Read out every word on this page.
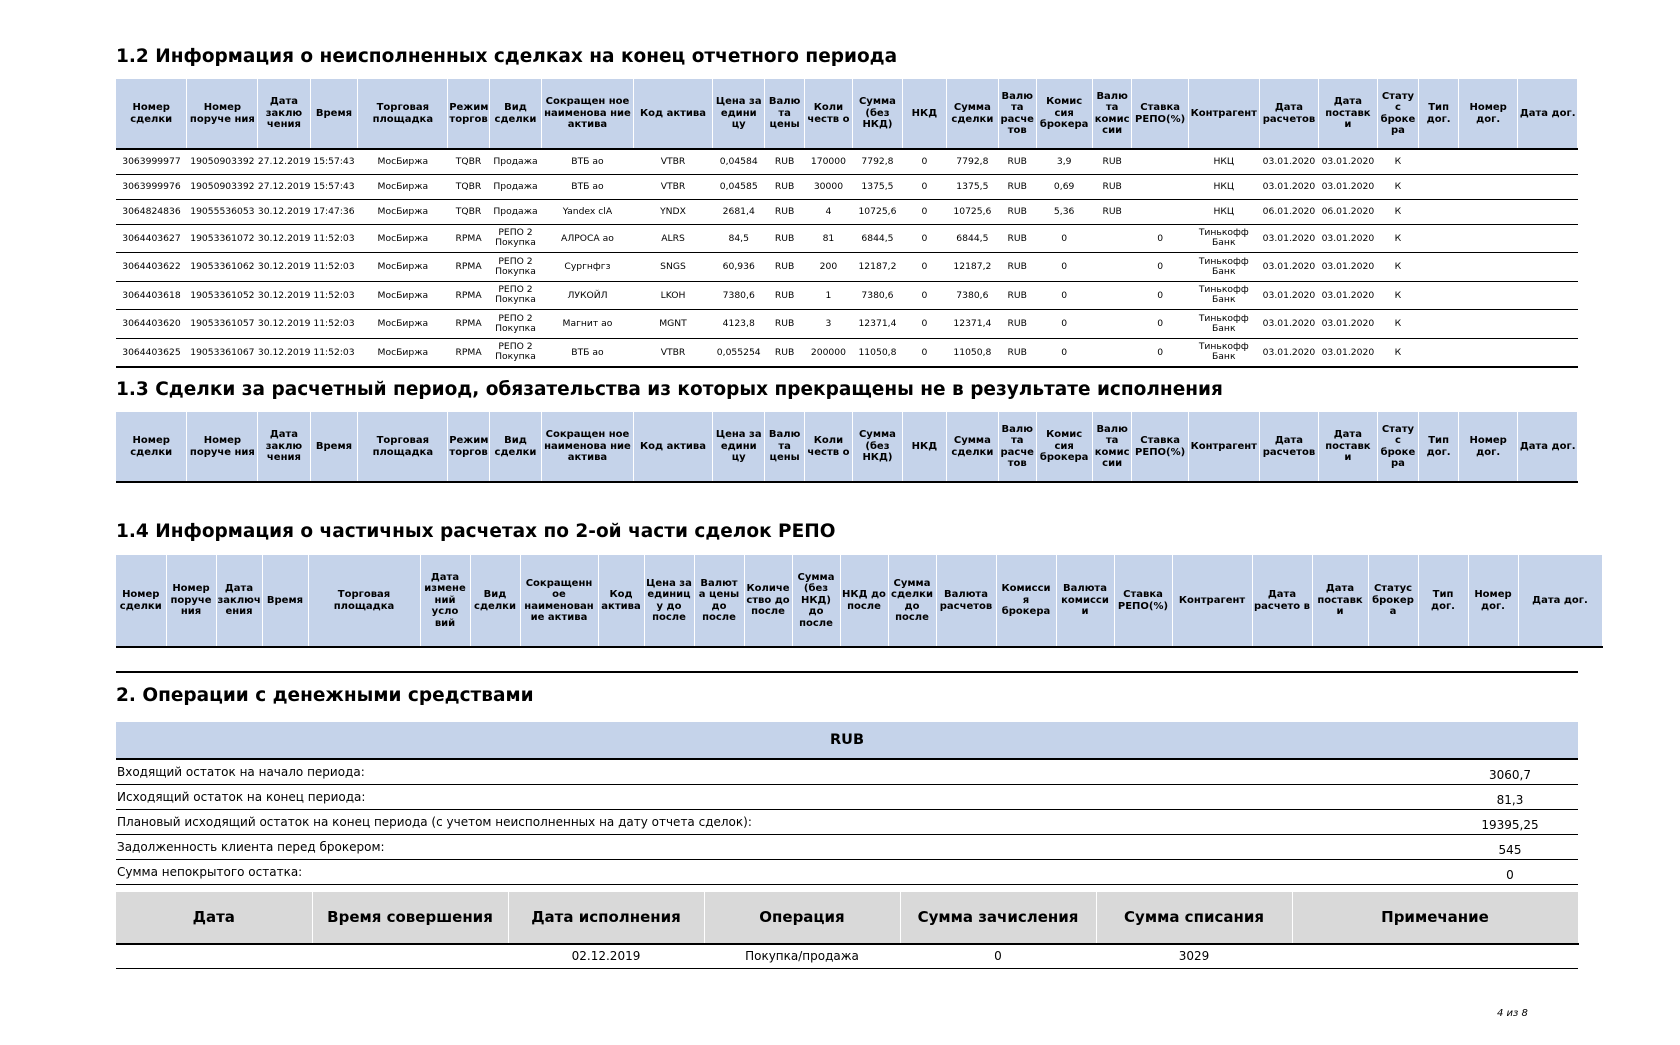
1.2 Информация о неисполненных сделках на конец отчетного периода
Номер сделки	Номер поруче ния	Дата заклю чения	Время	Торговая площадка	Режим торгов	Вид сделки	Сокращен ное наименова ние актива	Код актива	Цена за едини цу	Валю та цены	Коли честв о	Сумма (без НКД)	НКД	Сумма сделки	Валю та расче тов	Комис сия брокера	Валю та комис сии	Ставка РЕПО(%)	Контрагент	Дата расчетов	Дата поставк и	Стату с броке ра	Тип дог.	Номер дог.	Дата дог.
3063999977	19050903392	27.12.2019	15:57:43	МосБиржа	TQBR	Продажа	ВТБ ао	VTBR	0,04584	RUB	170000	7792,8	0	7792,8	RUB	3,9	RUB		НКЦ	03.01.2020	03.01.2020	К			
3063999976	19050903392	27.12.2019	15:57:43	МосБиржа	TQBR	Продажа	ВТБ ао	VTBR	0,04585	RUB	30000	1375,5	0	1375,5	RUB	0,69	RUB		НКЦ	03.01.2020	03.01.2020	К			
3064824836	19055536053	30.12.2019	17:47:36	МосБиржа	TQBR	Продажа	Yandex clA	YNDX	2681,4	RUB	4	10725,6	0	10725,6	RUB	5,36	RUB		НКЦ	06.01.2020	06.01.2020	К			
3064403627	19053361072	30.12.2019	11:52:03	МосБиржа	RPMA	РЕПО 2 Покупка	АЛРОСА ао	ALRS	84,5	RUB	81	6844,5	0	6844,5	RUB	0		0	Тинькофф Банк	03.01.2020	03.01.2020	К			
3064403622	19053361062	30.12.2019	11:52:03	МосБиржа	RPMA	РЕПО 2 Покупка	Сургнфгз	SNGS	60,936	RUB	200	12187,2	0	12187,2	RUB	0		0	Тинькофф Банк	03.01.2020	03.01.2020	К			
3064403618	19053361052	30.12.2019	11:52:03	МосБиржа	RPMA	РЕПО 2 Покупка	ЛУКОЙЛ	LKOH	7380,6	RUB	1	7380,6	0	7380,6	RUB	0		0	Тинькофф Банк	03.01.2020	03.01.2020	К			
3064403620	19053361057	30.12.2019	11:52:03	МосБиржа	RPMA	РЕПО 2 Покупка	Магнит ао	MGNT	4123,8	RUB	3	12371,4	0	12371,4	RUB	0		0	Тинькофф Банк	03.01.2020	03.01.2020	К			
3064403625	19053361067	30.12.2019	11:52:03	МосБиржа	RPMA	РЕПО 2 Покупка	ВТБ ао	VTBR	0,055254	RUB	200000	11050,8	0	11050,8	RUB	0		0	Тинькофф Банк	03.01.2020	03.01.2020	К			
1.3 Сделки за расчетный период, обязательства из которых прекращены не в результате исполнения
Номер сделки	Номер поруче ния	Дата заклю чения	Время	Торговая площадка	Режим торгов	Вид сделки	Сокращен ное наименова ние актива	Код актива	Цена за едини цу	Валю та цены	Коли честв о	Сумма (без НКД)	НКД	Сумма сделки	Валю та расче тов	Комис сия брокера	Валю та комис сии	Ставка РЕПО(%)	Контрагент	Дата расчетов	Дата поставк и	Стату с броке ра	Тип дог.	Номер дог.	Дата дог.
1.4 Информация о частичных расчетах по 2-ой части сделок РЕПО
Номер сделки	Номер поруче ния	Дата заключ ения	Время	Торговая площадка	Дата измене ний усло вий	Вид сделки	Сокращенн ое наименован ие актива	Код актива	Цена за единиц у до после	Валют а цены до после	Количе ство до после	Сумма (без НКД) до после	НКД до после	Сумма сделки до после	Валюта расчетов	Комисси я брокера	Валюта комисси и	Ставка РЕПО(%)	Контрагент	Дата расчето в	Дата поставк и	Статус брокер а	Тип дог.	Номер дог.	Дата дог.
2. Операции с денежными средствами
RUB
Входящий остаток на начало периода:	3060,7
Исходящий остаток на конец периода:	81,3
Плановый исходящий остаток на конец периода (с учетом неисполненных на дату отчета сделок):	19395,25
Задолженность клиента перед брокером:	545
Сумма непокрытого остатка:	0
Дата	Время совершения	Дата исполнения	Операция	Сумма зачисления	Сумма списания	Примечание
		02.12.2019	Покупка/продажа	0	3029	
4 из 8
